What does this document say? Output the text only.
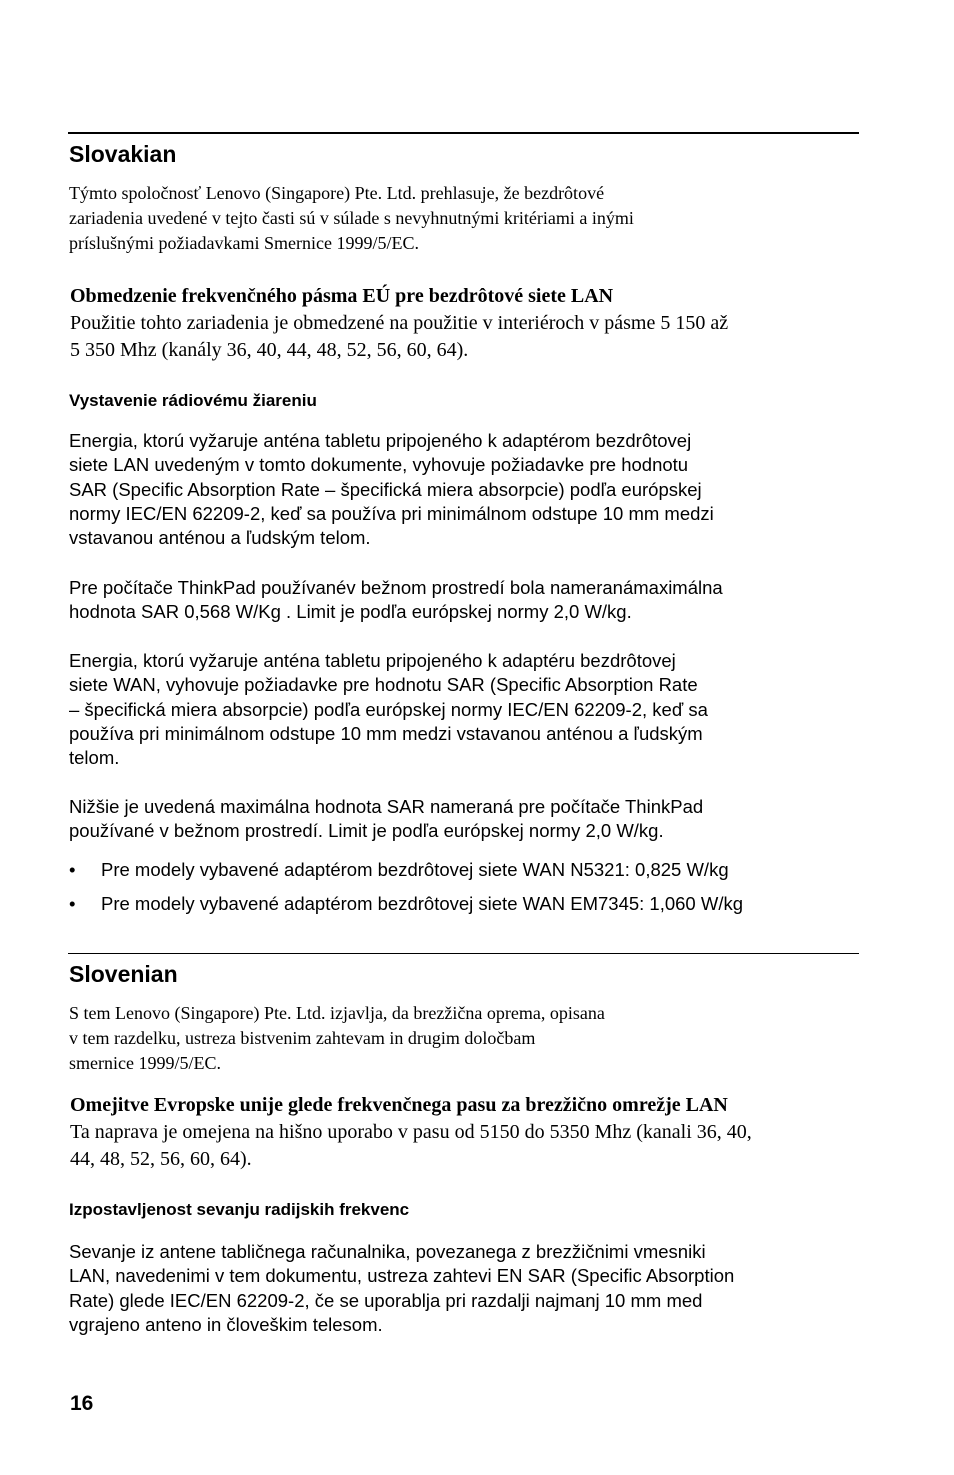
Slovakian

Týmto spoločnosť Lenovo (Singapore) Pte. Ltd. prehlasuje, že bezdrôtové
zariadenia uvedené v tejto časti sú v súlade s nevyhnutnými kritériami a inými
príslušnými požiadavkami Smernice 1999/5/EC.

Obmedzenie frekvenčného pásma EÚ pre bezdrôtové siete LAN
Použitie tohto zariadenia je obmedzené na použitie v interiéroch v pásme 5 150 až
5 350 Mhz (kanály 36, 40, 44, 48, 52, 56, 60, 64).
Vystavenie rádiovému žiareniu

Energia, ktorú vyžaruje anténa tabletu pripojeného k adaptérom bezdrôtovej
siete LAN uvedeným v tomto dokumente, vyhovuje požiadavke pre hodnotu
SAR (Specific Absorption Rate – špecifická miera absorpcie) podľa európskej
normy IEC/EN 62209-2, keď sa používa pri minimálnom odstupe 10 mm medzi
vstavanou anténou a ľudským telom.

Pre počítače ThinkPad používanév bežnom prostredí bola nameranámaximálna
hodnota SAR 0,568 W/Kg . Limit je podľa európskej normy 2,0 W/kg.

Energia, ktorú vyžaruje anténa tabletu pripojeného k adaptéru bezdrôtovej
siete WAN, vyhovuje požiadavke pre hodnotu SAR (Specific Absorption Rate
– špecifická miera absorpcie) podľa európskej normy IEC/EN 62209-2, keď sa
používa pri minimálnom odstupe 10 mm medzi vstavanou anténou a ľudským
telom.

Nižšie je uvedená maximálna hodnota SAR nameraná pre počítače ThinkPad
používané v bežnom prostredí. Limit je podľa európskej normy 2,0 W/kg.

• Pre modely vybavené adaptérom bezdrôtovej siete WAN N5321: 0,825 W/kg
• Pre modely vybavené adaptérom bezdrôtovej siete WAN EM7345: 1,060 W/kg
Slovenian

S tem Lenovo (Singapore) Pte. Ltd. izjavlja, da brezžična oprema, opisana
v tem razdelku, ustreza bistvenim zahtevam in drugim določbam
smernice 1999/5/EC.

Omejitve Evropske unije glede frekvenčnega pasu za brezžično omrežje LAN
Ta naprava je omejena na hišno uporabo v pasu od 5150 do 5350 Mhz (kanali 36, 40,
44, 48, 52, 56, 60, 64).
Izpostavljenost sevanju radijskih frekvenc

Sevanje iz antene tabličnega računalnika, povezanega z brezžičnimi vmesniki
LAN, navedenimi v tem dokumentu, ustreza zahtevi EN SAR (Specific Absorption
Rate) glede IEC/EN 62209-2, če se uporablja pri razdalji najmanj 10 mm med
vgrajeno anteno in človeškim telesom.

16
